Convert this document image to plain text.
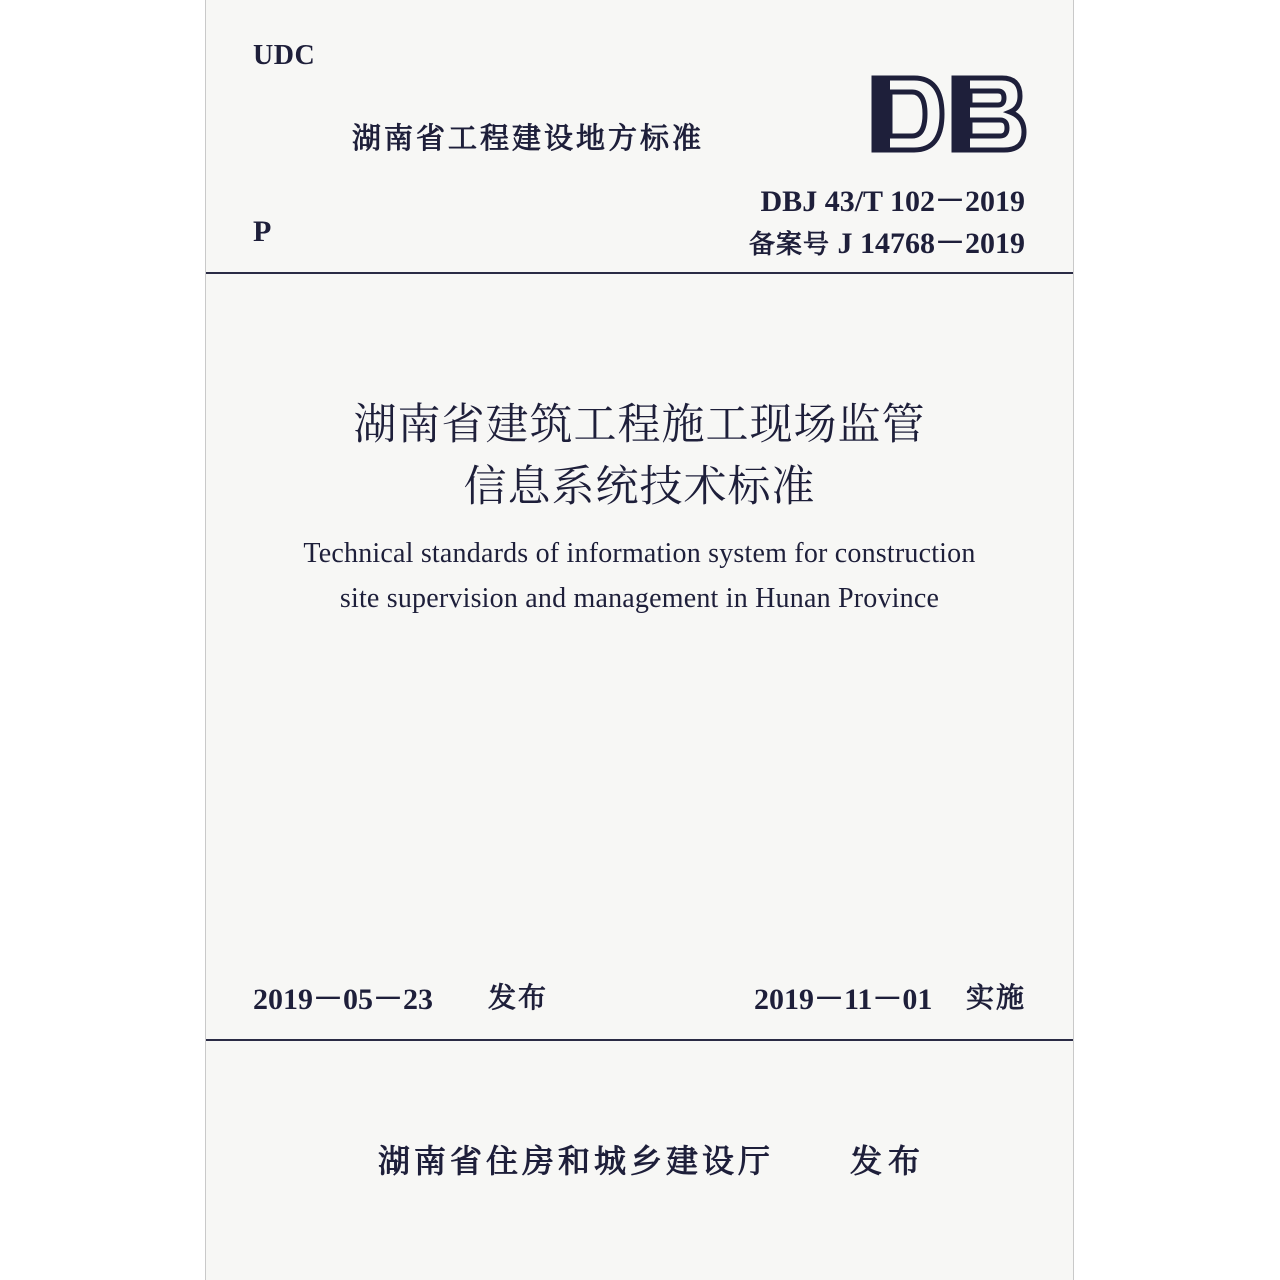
UDC
湖南省工程建设地方标准
DBJ 43/T 102－2019
备案号 J 14768－2019
P
湖南省建筑工程施工现场监管
信息系统技术标准
Technical standards of information system for construction
site supervision and management in Hunan Province
2019－05－23 发布	2019－11－01 实施
湖南省住房和城乡建设厅 发布
